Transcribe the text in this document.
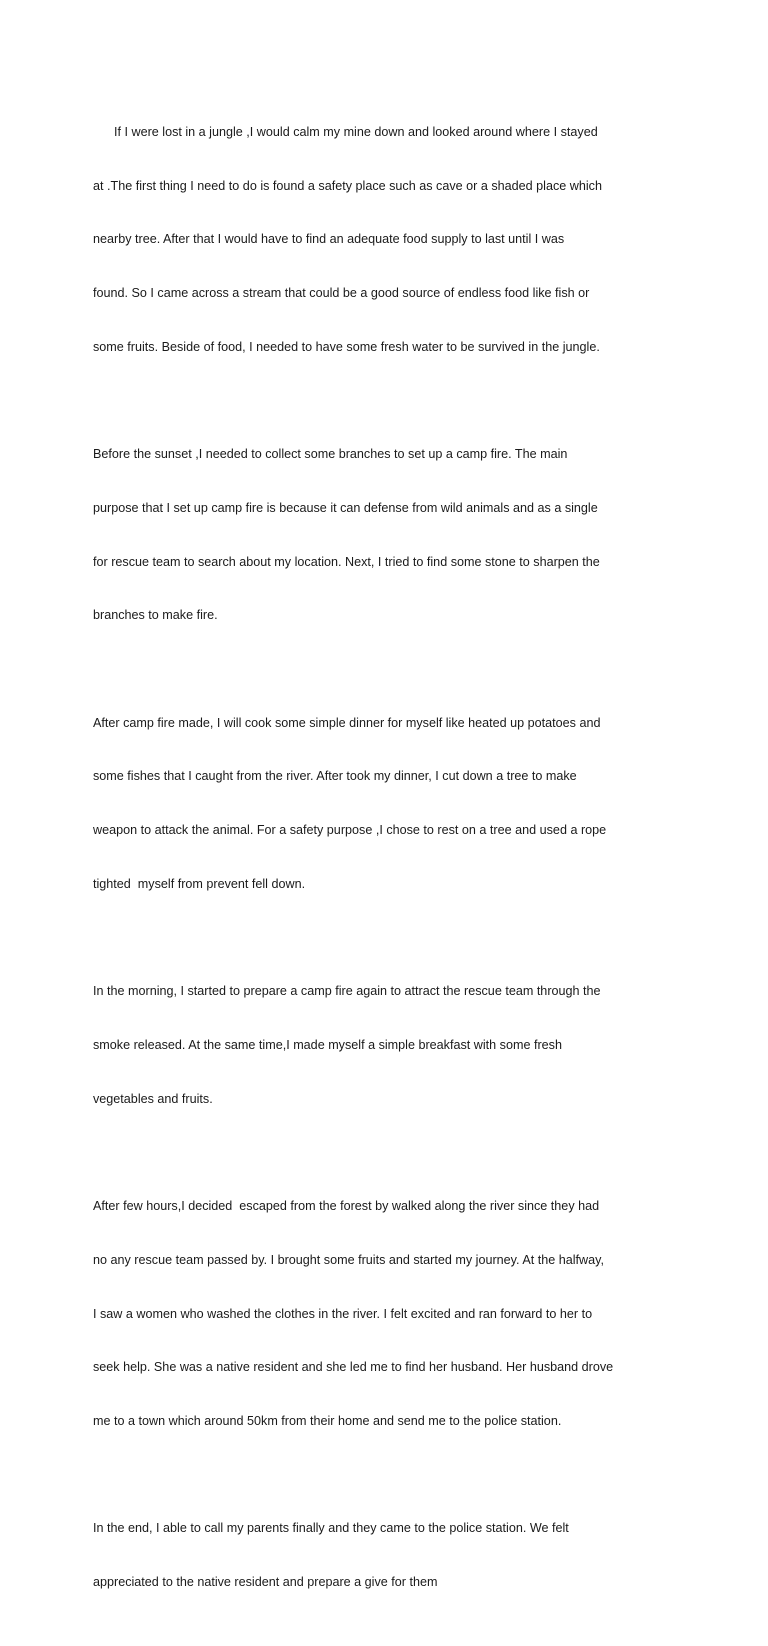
If I were lost in a jungle ,I would calm my mine down and looked around where I stayed

at .The first thing I need to do is found a safety place such as cave or a shaded place which

nearby tree. After that I would have to find an adequate food supply to last until I was

found. So I came across a stream that could be a good source of endless food like fish or

some fruits. Beside of food, I needed to have some fresh water to be survived in the jungle.

Before the sunset ,I needed to collect some branches to set up a camp fire. The main

purpose that I set up camp fire is because it can defense from wild animals and as a single

for rescue team to search about my location. Next, I tried to find some stone to sharpen the

branches to make fire.

After camp fire made, I will cook some simple dinner for myself like heated up potatoes and

some fishes that I caught from the river. After took my dinner, I cut down a tree to make

weapon to attack the animal. For a safety purpose ,I chose to rest on a tree and used a rope

tighted  myself from prevent fell down.

In the morning, I started to prepare a camp fire again to attract the rescue team through the

smoke released. At the same time,I made myself a simple breakfast with some fresh

vegetables and fruits.

After few hours,I decided  escaped from the forest by walked along the river since they had

no any rescue team passed by. I brought some fruits and started my journey. At the halfway,

I saw a women who washed the clothes in the river. I felt excited and ran forward to her to

seek help. She was a native resident and she led me to find her husband. Her husband drove

me to a town which around 50km from their home and send me to the police station.

In the end, I able to call my parents finally and they came to the police station. We felt

appreciated to the native resident and prepare a give for them
